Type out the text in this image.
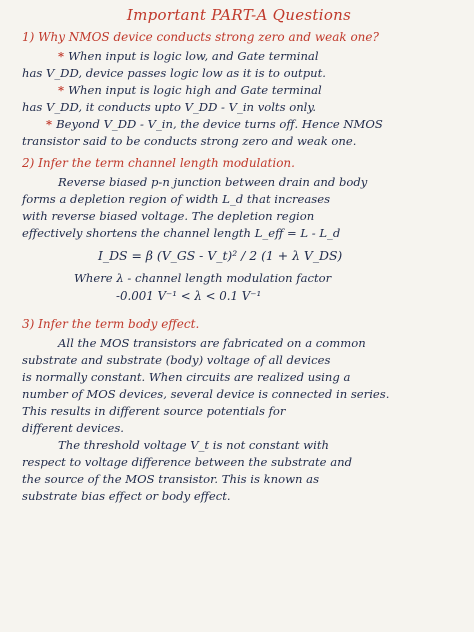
Important PART-A Questions
1) Why NMOS device conducts strong zero and weak one?
* When input is logic low, and Gate terminal
has V_DD, device passes logic low as it is to output.
* When input is logic high and Gate terminal
has V_DD, it conducts upto V_DD - V_in volts only.
* Beyond V_DD - V_in, the device turns off. Hence NMOS
transistor said to be conducts strong zero and weak one.
2) Infer the term channel length modulation.
Reverse biased p-n junction between drain and body
forms a depletion region of width L_d that increases
with reverse biased voltage. The depletion region
effectively shortens the channel length L_eff = L - L_d
I_DS = β (V_GS - V_t)² / 2 (1 + λ V_DS)
Where λ - channel length modulation factor
-0.001 V⁻¹ < λ < 0.1 V⁻¹
3) Infer the term body effect.
All the MOS transistors are fabricated on a common
substrate and substrate (body) voltage of all devices
is normally constant. When circuits are realized using a
number of MOS devices, several device is connected in series.
This results in different source potentials for
different devices.
The threshold voltage V_t is not constant with
respect to voltage difference between the substrate and
the source of the MOS transistor. This is known as
substrate bias effect or body effect.
